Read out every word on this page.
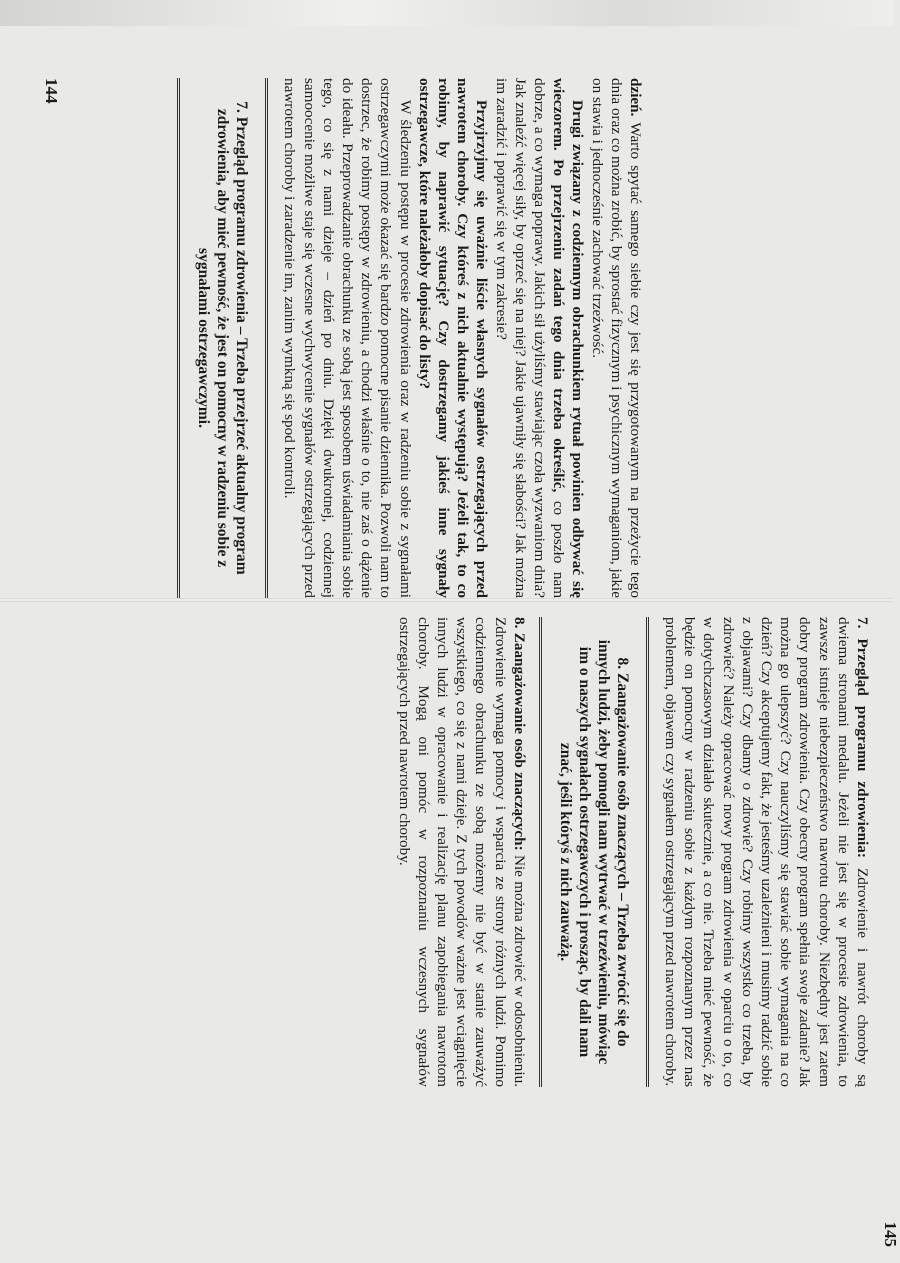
dzień. Warto spytać samego siebie czy jest się przygotowanym na przeżycie tego dnia oraz co można zrobić, by sprostać fizycznym i psychicznym wymaganiom, jakie on stawia i jednocześnie zachować trzeźwość.

Drugi związany z codziennym obrachunkiem rytuał powinien odbywać się wieczorem. Po przejrzeniu zadań tego dnia trzeba określić, co poszło nam dobrze, a co wymaga poprawy. Jakich sił użyliśmy stawiając czoła wyzwaniom dnia? Jak znaleźć więcej siły, by oprzeć się na niej? Jakie ujawniły się słabości? Jak można im zaradzić i poprawić się w tym zakresie?

Przyjrzyjmy się uważnie liście własnych sygnałów ostrzegających przed nawrotem choroby. Czy któreś z nich aktualnie występują? Jeżeli tak, to co robimy, by naprawić sytuację? Czy dostrzegamy jakieś inne sygnały ostrzegawcze, które należałoby dopisać do listy?

W śledzeniu postępu w procesie zdrowienia oraz w radzeniu sobie z sygnałami ostrzegawczymi może okazać się bardzo pomocne pisanie dziennika. Pozwoli nam to dostrzec, że robimy postępy w zdrowieniu, a chodzi właśnie o to, nie zaś o dążenie do ideału. Przeprowadzanie obrachunku ze sobą jest sposobem uświadamiania sobie tego, co się z nami dzieje – dzień po dniu. Dzięki dwukrotnej, codziennej samoocenie możliwe staje się wczesne wychwycenie sygnałów ostrzegających przed nawrotem choroby i zaradzenie im, zanim wymkną się spod kontroli.

7. Przegląd programu zdrowienia – Trzeba przejrzeć aktualny program zdrowienia, aby mieć pewność, że jest on pomocny w radzeniu sobie z sygnałami ostrzegawczymi.
144

7. Przegląd programu zdrowienia: Zdrowienie i nawrót choroby są dwiema stronami medalu. Jeżeli nie jest się w procesie zdrowienia, to zawsze istnieje niebezpieczeństwo nawrotu choroby. Niezbędny jest zatem dobry program zdrowienia. Czy obecny program spełnia swoje zadanie? Jak można go ulepszyć? Czy nauczyliśmy się stawiać sobie wymagania na co dzień? Czy akceptujemy fakt, że jesteśmy uzależnieni i musimy radzić sobie z objawami? Czy dbamy o zdrowie? Czy robimy wszystko co trzeba, by zdrowieć? Należy opracować nowy program zdrowienia w oparciu o to, co w dotychczasowym działało skutecznie, a co nie. Trzeba mieć pewność, że będzie on pomocny w radzeniu sobie z każdym rozpoznanym przez nas problemem, objawem czy sygnałem ostrzegającym przed nawrotem choroby.

8. Zaangażowanie osób znaczących – Trzeba zwrócić się do innych ludzi, żeby pomogli nam wytrwać w trzeźwieniu, mówiąc im o naszych sygnałach ostrzegawczych i prosząc, by dali nam znać, jeśli któryś z nich zauważą.

8. Zaangażowanie osób znaczących: Nie można zdrowieć w odosobnieniu. Zdrowienie wymaga pomocy i wsparcia ze strony różnych ludzi. Pomimo codziennego obrachunku ze sobą możemy nie być w stanie zauważyć wszystkiego, co się z nami dzieje. Z tych powodów ważne jest wciągnięcie innych ludzi w opracowanie i realizację planu zapobiegania nawrotom choroby. Mogą oni pomóc w rozpoznaniu wczesnych sygnałów ostrzegających przed nawrotem choroby.

145
